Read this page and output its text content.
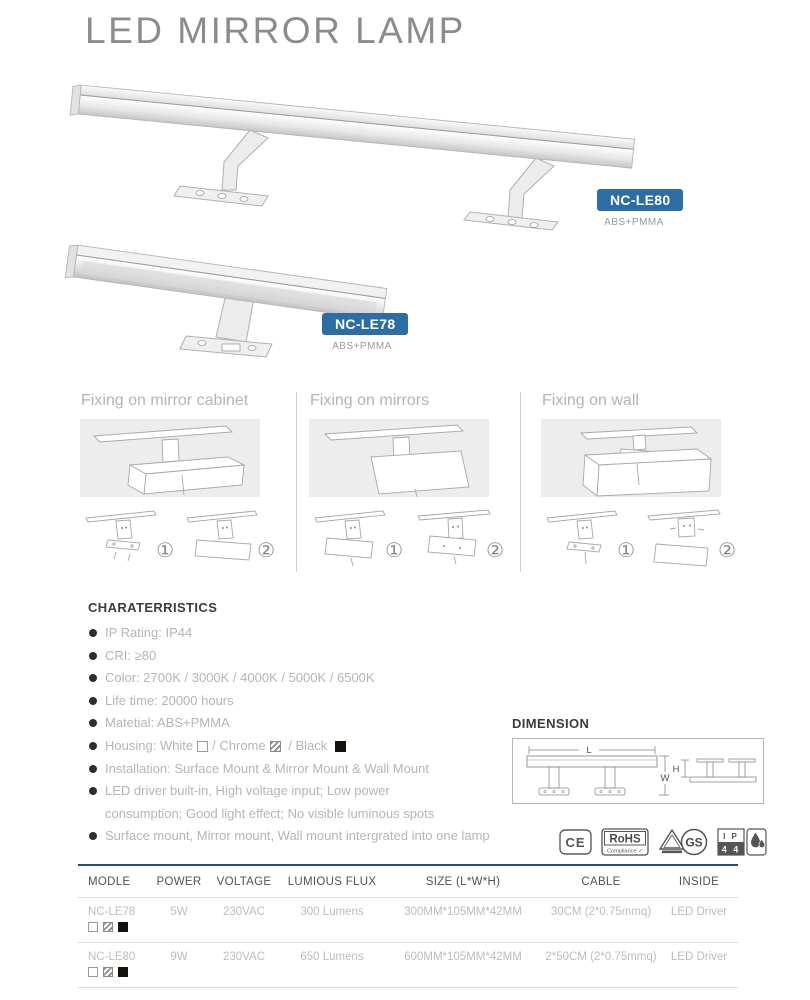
LED MIRROR LAMP
NC-LE80
ABS+PMMA
NC-LE78
ABS+PMMA
Fixing on mirror cabinet
①	②
Fixing on mirrors
①	②
Fixing on wall
①	②
CHARATERRISTICS
IP Rating: IP44
CRI: ≥80
Color: 2700K / 3000K / 4000K / 5000K / 6500K
Life time: 20000 hours
Matetial: ABS+PMMA
Housing: White / Chrome / Black
Installation: Surface Mount & Mirror Mount & Wall Mount
LED driver built-in, High voltage input; Low power
consumption; Good light effect; No visible luminous spots
Surface mount, Mirror mount, Wall mount intergrated into one lamp
DIMENSION
L
W
H
CE RoHS
Compliance ✓
GS	I P
4 4
MODLE	POWER	VOLTAGE	LUMIOUS FLUX	SIZE (L*W*H)	CABLE	INSIDE

NC-LE78	5W	230VAC	300 Lumens	300MM*105MM*42MM	30CM (2*0.75mmq)	LED Driver

NC-LE80	9W	230VAC	650 Lumens	600MM*105MM*42MM	2*50CM (2*0.75mmq)	LED Driver
